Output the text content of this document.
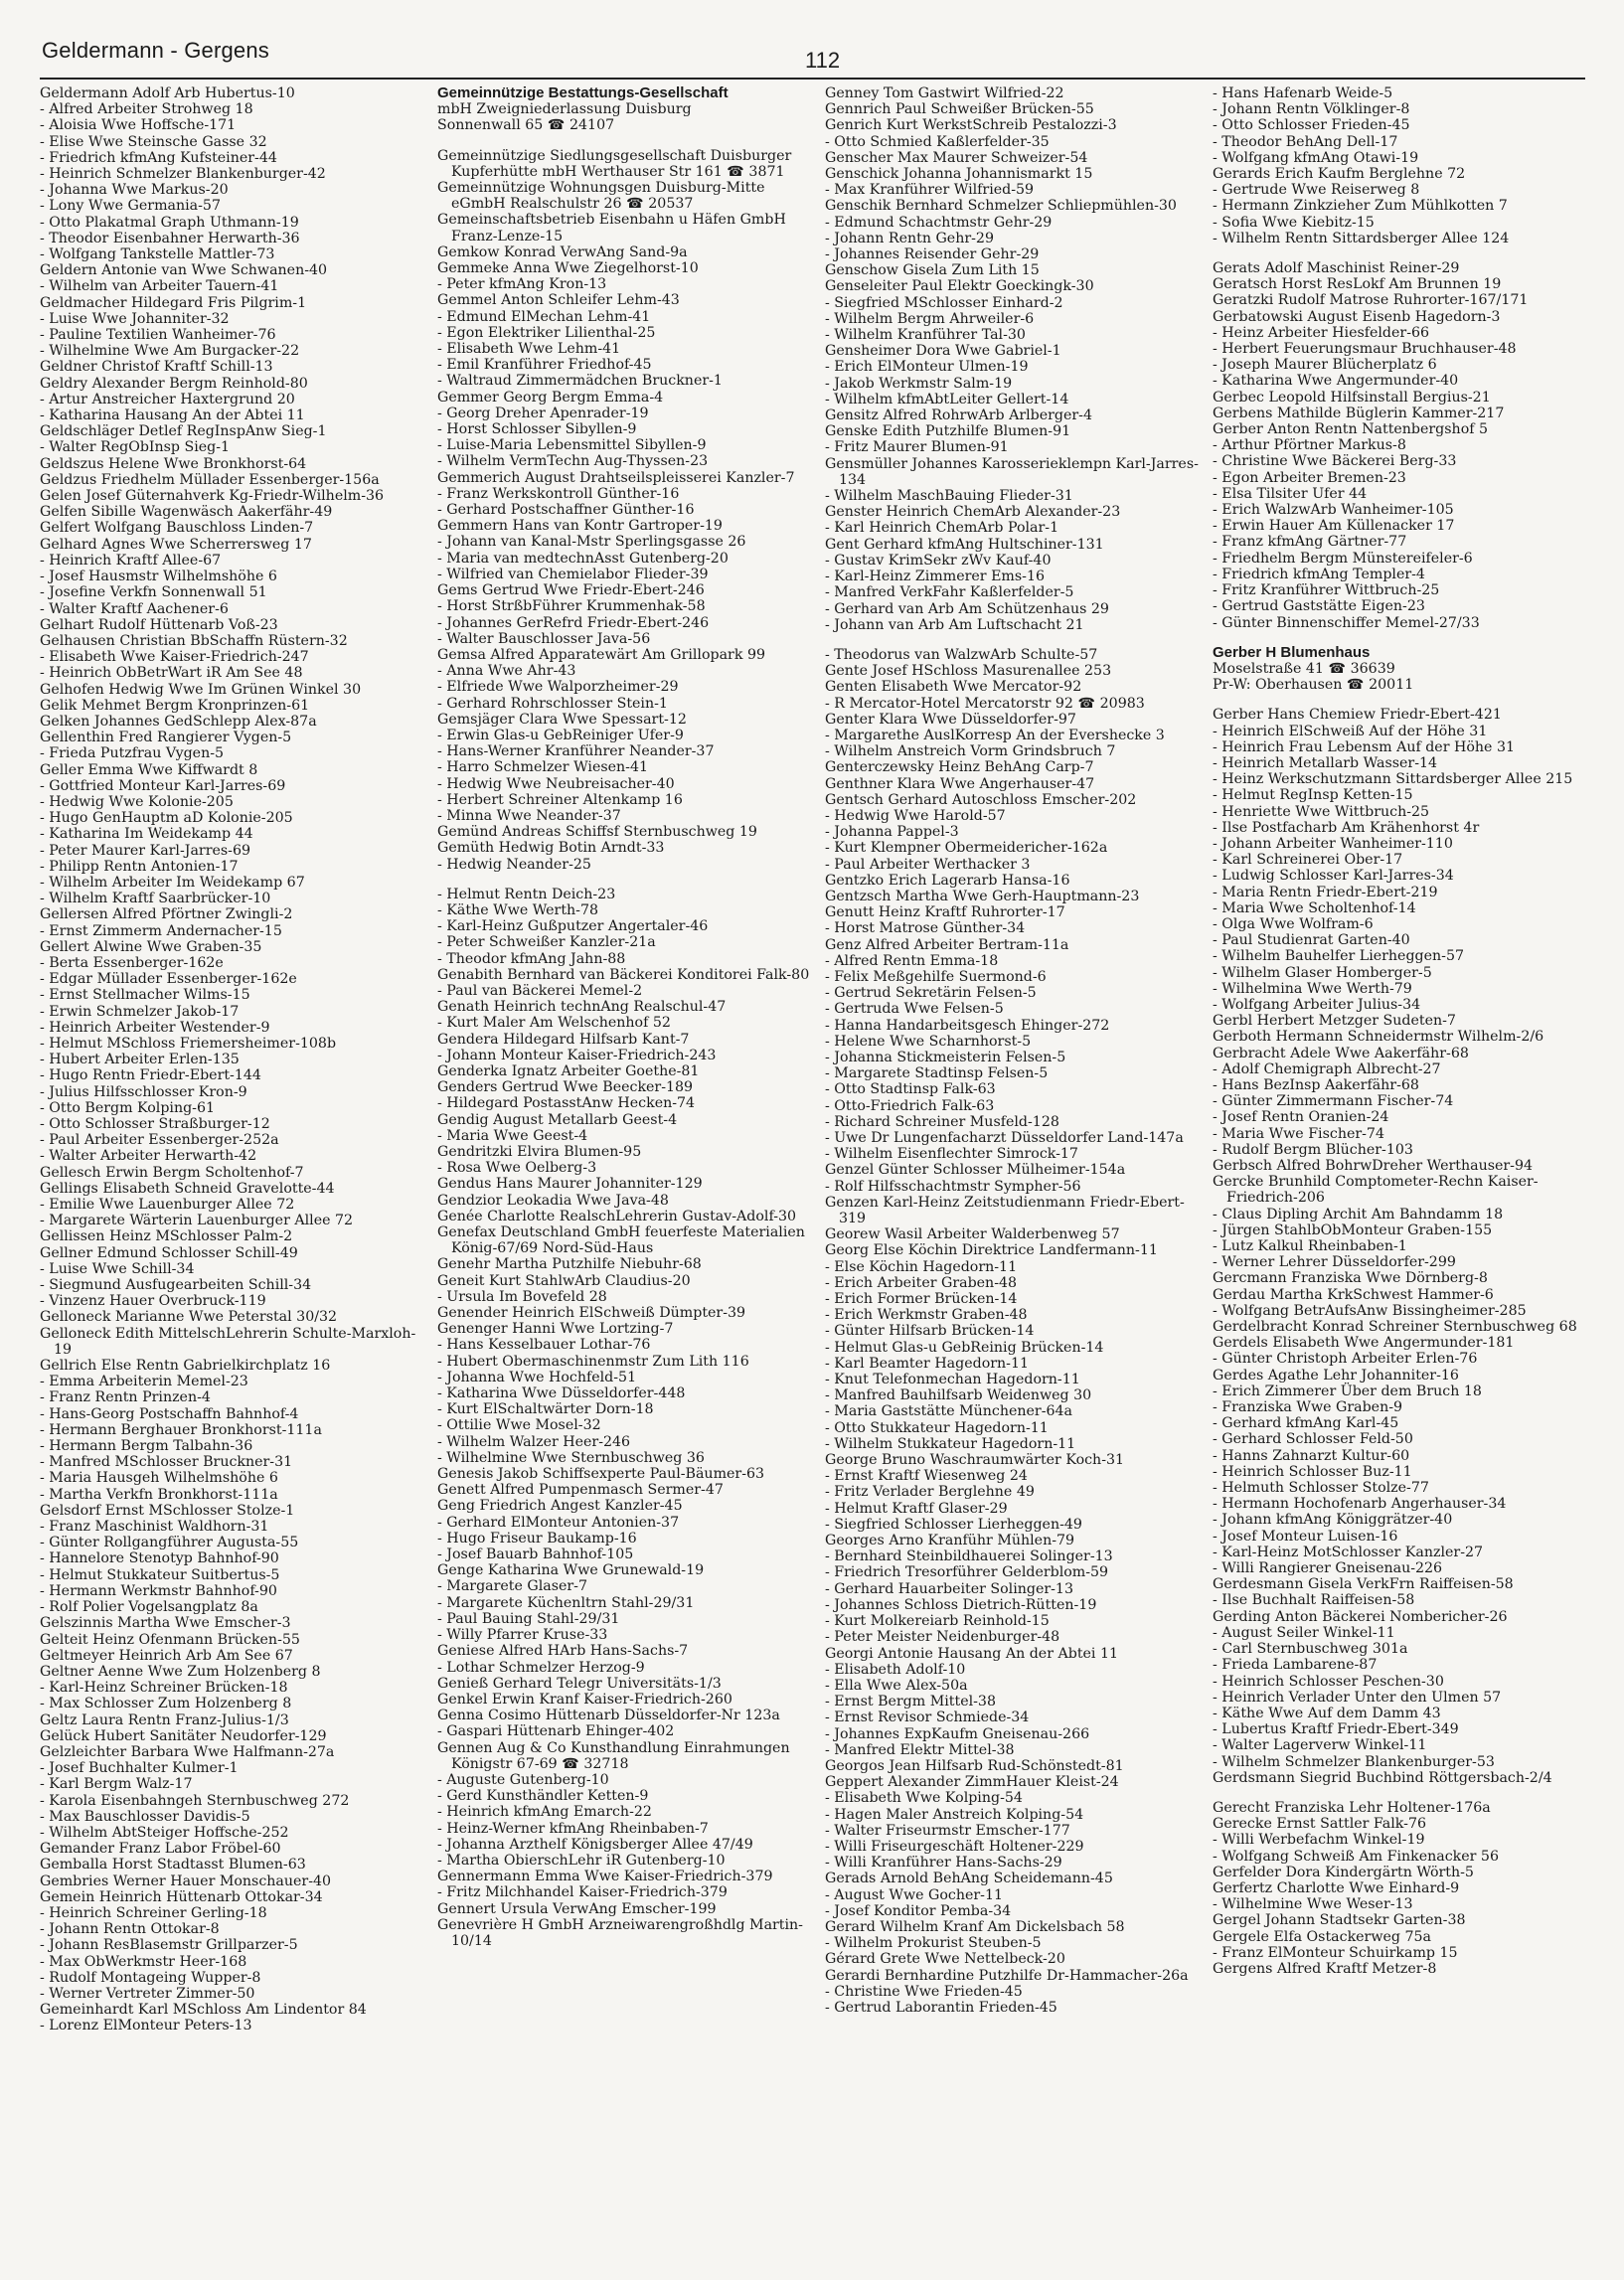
Geldermann - Gergens	112
Geldermann Adolf Arb Hubertus-10
- Alfred Arbeiter Strohweg 18
- Aloisia Wwe Hoffsche-171
- Elise Wwe Steinsche Gasse 32
- Friedrich kfmAng Kufsteiner-44
- Heinrich Schmelzer Blankenburger-42
- Johanna Wwe Markus-20
- Lony Wwe Germania-57
- Otto Plakatmal Graph Uthmann-19
- Theodor Eisenbahner Herwarth-36
- Wolfgang Tankstelle Mattler-73
Geldern Antonie van Wwe Schwanen-40
- Wilhelm van Arbeiter Tauern-41
Geldmacher Hildegard Fris Pilgrim-1
- Luise Wwe Johanniter-32
- Pauline Textilien Wanheimer-76
- Wilhelmine Wwe Am Burgacker-22
Geldner Christof Kraftf Schill-13
Geldry Alexander Bergm Reinhold-80
- Artur Anstreicher Haxtergrund 20
- Katharina Hausang An der Abtei 11
Geldschläger Detlef RegInspAnw Sieg-1
- Walter RegObInsp Sieg-1
Geldszus Helene Wwe Bronkhorst-64
Geldzus Friedhelm Müllader Essenberger-156a
Gelen Josef Güternahverk Kg-Friedr-Wilhelm-36
Gelfen Sibille Wagenwäsch Aakerfähr-49
Gelfert Wolfgang Bauschloss Linden-7
Gelhard Agnes Wwe Scherrersweg 17
- Heinrich Kraftf Allee-67
- Josef Hausmstr Wilhelmshöhe 6
- Josefine Verkfn Sonnenwall 51
- Walter Kraftf Aachener-6
Gelhart Rudolf Hüttenarb Voß-23
Gelhausen Christian BbSchaffn Rüstern-32
- Elisabeth Wwe Kaiser-Friedrich-247
- Heinrich ObBetrWart iR Am See 48
Gelhofen Hedwig Wwe Im Grünen Winkel 30
Gelik Mehmet Bergm Kronprinzen-61
Gelken Johannes GedSchlepp Alex-87a
Gellenthin Fred Rangierer Vygen-5
- Frieda Putzfrau Vygen-5
Geller Emma Wwe Kiffwardt 8
- Gottfried Monteur Karl-Jarres-69
- Hedwig Wwe Kolonie-205
- Hugo GenHauptm aD Kolonie-205
- Katharina Im Weidekamp 44
- Peter Maurer Karl-Jarres-69
- Philipp Rentn Antonien-17
- Wilhelm Arbeiter Im Weidekamp 67
- Wilhelm Kraftf Saarbrücker-10
Gellersen Alfred Pförtner Zwingli-2
- Ernst Zimmerm Andernacher-15
Gellert Alwine Wwe Graben-35
- Berta Essenberger-162e
- Edgar Müllader Essenberger-162e
- Ernst Stellmacher Wilms-15
- Erwin Schmelzer Jakob-17
- Heinrich Arbeiter Westender-9
- Helmut MSchloss Friemersheimer-108b
- Hubert Arbeiter Erlen-135
- Hugo Rentn Friedr-Ebert-144
- Julius Hilfsschlosser Kron-9
- Otto Bergm Kolping-61
- Otto Schlosser Straßburger-12
- Paul Arbeiter Essenberger-252a
- Walter Arbeiter Herwarth-42
Gellesch Erwin Bergm Scholtenhof-7
Gellings Elisabeth Schneid Gravelotte-44
- Emilie Wwe Lauenburger Allee 72
- Margarete Wärterin Lauenburger Allee 72
Gellissen Heinz MSchlosser Palm-2
Gellner Edmund Schlosser Schill-49
- Luise Wwe Schill-34
- Siegmund Ausfugearbeiten Schill-34
- Vinzenz Hauer Overbruck-119
Gelloneck Marianne Wwe Peterstal 30/32
Gelloneck Edith MittelschLehrerin Schulte-Marxloh-19
Gellrich Else Rentn Gabrielkirchplatz 16
- Emma Arbeiterin Memel-23
- Franz Rentn Prinzen-4
- Hans-Georg Postschaffn Bahnhof-4
- Hermann Berghauer Bronkhorst-111a
- Hermann Bergm Talbahn-36
- Manfred MSchlosser Bruckner-31
- Maria Hausgeh Wilhelmshöhe 6
- Martha Verkfn Bronkhorst-111a
Gelsdorf Ernst MSchlosser Stolze-1
- Franz Maschinist Waldhorn-31
- Günter Rollgangführer Augusta-55
- Hannelore Stenotyp Bahnhof-90
- Helmut Stukkateur Suitbertus-5
- Hermann Werkmstr Bahnhof-90
- Rolf Polier Vogelsangplatz 8a
Gelszinnis Martha Wwe Emscher-3
Gelteit Heinz Ofenmann Brücken-55
Geltmeyer Heinrich Arb Am See 67
Geltner Aenne Wwe Zum Holzenberg 8
- Karl-Heinz Schreiner Brücken-18
- Max Schlosser Zum Holzenberg 8
Geltz Laura Rentn Franz-Julius-1/3
Gelück Hubert Sanitäter Neudorfer-129
Gelzleichter Barbara Wwe Halfmann-27a
- Josef Buchhalter Kulmer-1
- Karl Bergm Walz-17
- Karola Eisenbahngeh Sternbuschweg 272
- Max Bauschlosser Davidis-5
- Wilhelm AbtSteiger Hoffsche-252
Gemander Franz Labor Fröbel-60
Gemballa Horst Stadtasst Blumen-63
Gembries Werner Hauer Monschauer-40
Gemein Heinrich Hüttenarb Ottokar-34
- Heinrich Schreiner Gerling-18
- Johann Rentn Ottokar-8
- Johann ResBlasemstr Grillparzer-5
- Max ObWerkmstr Heer-168
- Rudolf Montageing Wupper-8
- Werner Vertreter Zimmer-50
Gemeinhardt Karl MSchloss Am Lindentor 84
- Lorenz ElMonteur Peters-13
Gemeinnützige Bestattungs-Gesellschaft
mbH Zweigniederlassung Duisburg
Sonnenwall 65 ☎ 24107
Gemeinnützige Siedlungsgesellschaft Duisburger Kupferhütte mbH Werthauser Str 161 ☎ 3871
Gemeinnützige Wohnungsgen Duisburg-Mitte eGmbH Realschulstr 26 ☎ 20537
Gemeinschaftsbetrieb Eisenbahn u Häfen GmbH Franz-Lenze-15
Gemkow Konrad VerwAng Sand-9a
Gemmeke Anna Wwe Ziegelhorst-10
- Peter kfmAng Kron-13
Gemmel Anton Schleifer Lehm-43
- Edmund ElMechan Lehm-41
- Egon Elektriker Lilienthal-25
- Elisabeth Wwe Lehm-41
- Emil Kranführer Friedhof-45
- Waltraud Zimmermädchen Bruckner-1
Gemmer Georg Bergm Emma-4
- Georg Dreher Apenrader-19
- Horst Schlosser Sibyllen-9
- Luise-Maria Lebensmittel Sibyllen-9
- Wilhelm VermTechn Aug-Thyssen-23
Gemmerich August Drahtseilspleisserei Kanzler-7
- Franz Werkskontroll Günther-16
- Gerhard Postschaffner Günther-16
Gemmern Hans van Kontr Gartroper-19
- Johann van Kanal-Mstr Sperlingsgasse 26
- Maria van medtechnAsst Gutenberg-20
- Wilfried van Chemielabor Flieder-39
Gems Gertrud Wwe Friedr-Ebert-246
- Horst StrßbFührer Krummenhak-58
- Johannes GerRefrd Friedr-Ebert-246
- Walter Bauschlosser Java-56
Gemsa Alfred Apparatewärt Am Grillopark 99
- Anna Wwe Ahr-43
- Elfriede Wwe Walporzheimer-29
- Gerhard Rohrschlosser Stein-1
Gemsjäger Clara Wwe Spessart-12
- Erwin Glas-u GebReiniger Ufer-9
- Hans-Werner Kranführer Neander-37
- Harro Schmelzer Wiesen-41
- Hedwig Wwe Neubreisacher-40
- Herbert Schreiner Altenkamp 16
- Minna Wwe Neander-37
Gemünd Andreas Schiffsf Sternbuschweg 19
Gemüth Hedwig Botin Arndt-33
- Hedwig Neander-25
- Helmut Rentn Deich-23
- Käthe Wwe Werth-78
- Karl-Heinz Gußputzer Angertaler-46
- Peter Schweißer Kanzler-21a
- Theodor kfmAng Jahn-88
Genabith Bernhard van Bäckerei Konditorei Falk-80
- Paul van Bäckerei Memel-2
Genath Heinrich technAng Realschul-47
- Kurt Maler Am Welschenhof 52
Gendera Hildegard Hilfsarb Kant-7
- Johann Monteur Kaiser-Friedrich-243
Genderka Ignatz Arbeiter Goethe-81
Genders Gertrud Wwe Beecker-189
- Hildegard PostasstAnw Hecken-74
Gendig August Metallarb Geest-4
- Maria Wwe Geest-4
Gendritzki Elvira Blumen-95
- Rosa Wwe Oelberg-3
Gendus Hans Maurer Johanniter-129
Gendzior Leokadia Wwe Java-48
Genée Charlotte RealschLehrerin Gustav-Adolf-30
Genefax Deutschland GmbH feuerfeste Materialien König-67/69 Nord-Süd-Haus
Genehr Martha Putzhilfe Niebuhr-68
Geneit Kurt StahlwArb Claudius-20
- Ursula Im Bovefeld 28
Genender Heinrich ElSchweiß Dümpter-39
Genenger Hanni Wwe Lortzing-7
- Hans Kesselbauer Lothar-76
- Hubert Obermaschinenmstr Zum Lith 116
- Johanna Wwe Hochfeld-51
- Katharina Wwe Düsseldorfer-448
- Kurt ElSchaltwärter Dorn-18
- Ottilie Wwe Mosel-32
- Wilhelm Walzer Heer-246
- Wilhelmine Wwe Sternbuschweg 36
Genesis Jakob Schiffsexperte Paul-Bäumer-63
Genett Alfred Pumpenmasch Sermer-47
Geng Friedrich Angest Kanzler-45
- Gerhard ElMonteur Antonien-37
- Hugo Friseur Baukamp-16
- Josef Bauarb Bahnhof-105
Genge Katharina Wwe Grunewald-19
- Margarete Glaser-7
- Margarete Küchenltrn Stahl-29/31
- Paul Bauing Stahl-29/31
- Willy Pfarrer Kruse-33
Geniese Alfred HArb Hans-Sachs-7
- Lothar Schmelzer Herzog-9
Genieß Gerhard Telegr Universitäts-1/3
Genkel Erwin Kranf Kaiser-Friedrich-260
Genna Cosimo Hüttenarb Düsseldorfer-Nr 123a
- Gaspari Hüttenarb Ehinger-402
Gennen Aug & Co Kunsthandlung Einrahmungen Königstr 67-69 ☎ 32718
- Auguste Gutenberg-10
- Gerd Kunsthändler Ketten-9
- Heinrich kfmAng Emarch-22
- Heinz-Werner kfmAng Rheinbaben-7
- Johanna Arzthelf Königsberger Allee 47/49
- Martha ObierschLehr iR Gutenberg-10
Gennermann Emma Wwe Kaiser-Friedrich-379
- Fritz Milchhandel Kaiser-Friedrich-379
Gennert Ursula VerwAng Emscher-199
Genevrière H GmbH Arzneiwarengroßhdlg Martin-10/14
Genney Tom Gastwirt Wilfried-22
Gennrich Paul Schweißer Brücken-55
Genrich Kurt WerkstSchreib Pestalozzi-3
- Otto Schmied Kaßlerfelder-35
Genscher Max Maurer Schweizer-54
Genschick Johanna Johannismarkt 15
- Max Kranführer Wilfried-59
Genschik Bernhard Schmelzer Schliepmühlen-30
- Edmund Schachtmstr Gehr-29
- Johann Rentn Gehr-29
- Johannes Reisender Gehr-29
Genschow Gisela Zum Lith 15
Genseleiter Paul Elektr Goeckingk-30
- Siegfried MSchlosser Einhard-2
- Wilhelm Bergm Ahrweiler-6
- Wilhelm Kranführer Tal-30
Gensheimer Dora Wwe Gabriel-1
- Erich ElMonteur Ulmen-19
- Jakob Werkmstr Salm-19
- Wilhelm kfmAbtLeiter Gellert-14
Gensitz Alfred RohrwArb Arlberger-4
Genske Edith Putzhilfe Blumen-91
- Fritz Maurer Blumen-91
Gensmüller Johannes Karosserieklempn Karl-Jarres-134
- Wilhelm MaschBauing Flieder-31
Genster Heinrich ChemArb Alexander-23
- Karl Heinrich ChemArb Polar-1
Gent Gerhard kfmAng Hultschiner-131
- Gustav KrimSekr zWv Kauf-40
- Karl-Heinz Zimmerer Ems-16
- Manfred VerkFahr Kaßlerfelder-5
- Gerhard van Arb Am Schützenhaus 29
- Johann van Arb Am Luftschacht 21
- Theodorus van WalzwArb Schulte-57
Gente Josef HSchloss Masurenallee 253
Genten Elisabeth Wwe Mercator-92
- R Mercator-Hotel Mercatorstr 92 ☎ 20983
Genter Klara Wwe Düsseldorfer-97
- Margarethe AuslKorresp An der Evershecke 3
- Wilhelm Anstreich Vorm Grindsbruch 7
Genterczewsky Heinz BehAng Carp-7
Genthner Klara Wwe Angerhauser-47
Gentsch Gerhard Autoschloss Emscher-202
- Hedwig Wwe Harold-57
- Johanna Pappel-3
- Kurt Klempner Obermeidericher-162a
- Paul Arbeiter Werthacker 3
Gentzko Erich Lagerarb Hansa-16
Gentzsch Martha Wwe Gerh-Hauptmann-23
Genutt Heinz Kraftf Ruhrorter-17
- Horst Matrose Günther-34
Genz Alfred Arbeiter Bertram-11a
- Alfred Rentn Emma-18
- Felix Meßgehilfe Suermond-6
- Gertrud Sekretärin Felsen-5
- Gertruda Wwe Felsen-5
- Hanna Handarbeitsgesch Ehinger-272
- Helene Wwe Scharnhorst-5
- Johanna Stickmeisterin Felsen-5
- Margarete Stadtinsp Felsen-5
- Otto Stadtinsp Falk-63
- Otto-Friedrich Falk-63
- Richard Schreiner Musfeld-128
- Uwe Dr Lungenfacharzt Düsseldorfer Land-147a
- Wilhelm Eisenflechter Simrock-17
Genzel Günter Schlosser Mülheimer-154a
- Rolf Hilfsschachtmstr Sympher-56
Genzen Karl-Heinz Zeitstudienmann Friedr-Ebert-319
Georew Wasil Arbeiter Walderbenweg 57
Georg Else Köchin Direktrice Landfermann-11
- Else Köchin Hagedorn-11
- Erich Arbeiter Graben-48
- Erich Former Brücken-14
- Erich Werkmstr Graben-48
- Günter Hilfsarb Brücken-14
- Helmut Glas-u GebReinig Brücken-14
- Karl Beamter Hagedorn-11
- Knut Telefonmechan Hagedorn-11
- Manfred Bauhilfsarb Weidenweg 30
- Maria Gaststätte Münchener-64a
- Otto Stukkateur Hagedorn-11
- Wilhelm Stukkateur Hagedorn-11
George Bruno Waschraumwärter Koch-31
- Ernst Kraftf Wiesenweg 24
- Fritz Verlader Berglehne 49
- Helmut Kraftf Glaser-29
- Siegfried Schlosser Lierheggen-49
Georges Arno Kranführ Mühlen-79
- Bernhard Steinbildhauerei Solinger-13
- Friedrich Tresorführer Gelderblom-59
- Gerhard Hauarbeiter Solinger-13
- Johannes Schloss Dietrich-Rütten-19
- Kurt Molkereiarb Reinhold-15
- Peter Meister Neidenburger-48
Georgi Antonie Hausang An der Abtei 11
- Elisabeth Adolf-10
- Ella Wwe Alex-50a
- Ernst Bergm Mittel-38
- Ernst Revisor Schmiede-34
- Johannes ExpKaufm Gneisenau-266
- Manfred Elektr Mittel-38
Georgos Jean Hilfsarb Rud-Schönstedt-81
Geppert Alexander ZimmHauer Kleist-24
- Elisabeth Wwe Kolping-54
- Hagen Maler Anstreich Kolping-54
- Walter Friseurmstr Emscher-177
- Willi Friseurgeschäft Holtener-229
- Willi Kranführer Hans-Sachs-29
Gerads Arnold BehAng Scheidemann-45
- August Wwe Gocher-11
- Josef Konditor Pemba-34
Gerard Wilhelm Kranf Am Dickelsbach 58
- Wilhelm Prokurist Steuben-5
Gérard Grete Wwe Nettelbeck-20
Gerardi Bernhardine Putzhilfe Dr-Hammacher-26a
- Christine Wwe Frieden-45
- Gertrud Laborantin Frieden-45
- Hans Hafenarb Weide-5
- Johann Rentn Völklinger-8
- Otto Schlosser Frieden-45
- Theodor BehAng Dell-17
- Wolfgang kfmAng Otawi-19
Gerards Erich Kaufm Berglehne 72
- Gertrude Wwe Reiserweg 8
- Hermann Zinkzieher Zum Mühlkotten 7
- Sofia Wwe Kiebitz-15
- Wilhelm Rentn Sittardsberger Allee 124
Gerats Adolf Maschinist Reiner-29
Geratsch Horst ResLokf Am Brunnen 19
Geratzki Rudolf Matrose Ruhrorter-167/171
Gerbatowski August Eisenb Hagedorn-3
- Heinz Arbeiter Hiesfelder-66
- Herbert Feuerungsmaur Bruchhauser-48
- Joseph Maurer Blücherplatz 6
- Katharina Wwe Angermunder-40
Gerbec Leopold Hilfsinstall Bergius-21
Gerbens Mathilde Büglerin Kammer-217
Gerber Anton Rentn Nattenbergshof 5
- Arthur Pförtner Markus-8
- Christine Wwe Bäckerei Berg-33
- Egon Arbeiter Bremen-23
- Elsa Tilsiter Ufer 44
- Erich WalzwArb Wanheimer-105
- Erwin Hauer Am Küllenacker 17
- Franz kfmAng Gärtner-77
- Friedhelm Bergm Münstereifeler-6
- Friedrich kfmAng Templer-4
- Fritz Kranführer Wittbruch-25
- Gertrud Gaststätte Eigen-23
- Günter Binnenschiffer Memel-27/33
Gerber H Blumenhaus
Moselstraße 41 ☎ 36639
Pr-W: Oberhausen ☎ 20011
Gerber Hans Chemiew Friedr-Ebert-421
- Heinrich ElSchweiß Auf der Höhe 31
- Heinrich Frau Lebensm Auf der Höhe 31
- Heinrich Metallarb Wasser-14
- Heinz Werkschutzmann Sittardsberger Allee 215
- Helmut RegInsp Ketten-15
- Henriette Wwe Wittbruch-25
- Ilse Postfacharb Am Krähenhorst 4r
- Johann Arbeiter Wanheimer-110
- Karl Schreinerei Ober-17
- Ludwig Schlosser Karl-Jarres-34
- Maria Rentn Friedr-Ebert-219
- Maria Wwe Scholtenhof-14
- Olga Wwe Wolfram-6
- Paul Studienrat Garten-40
- Wilhelm Bauhelfer Lierheggen-57
- Wilhelm Glaser Homberger-5
- Wilhelmina Wwe Werth-79
- Wolfgang Arbeiter Julius-34
Gerbl Herbert Metzger Sudeten-7
Gerboth Hermann Schneidermstr Wilhelm-2/6
Gerbracht Adele Wwe Aakerfähr-68
- Adolf Chemigraph Albrecht-27
- Hans BezInsp Aakerfähr-68
- Günter Zimmermann Fischer-74
- Josef Rentn Oranien-24
- Maria Wwe Fischer-74
- Rudolf Bergm Blücher-103
Gerbsch Alfred BohrwDreher Werthauser-94
Gercke Brunhild Comptometer-Rechn Kaiser-Friedrich-206
- Claus Dipling Archit Am Bahndamm 18
- Jürgen StahlbObMonteur Graben-155
- Lutz Kalkul Rheinbaben-1
- Werner Lehrer Düsseldorfer-299
Gercmann Franziska Wwe Dörnberg-8
Gerdau Martha KrkSchwest Hammer-6
- Wolfgang BetrAufsAnw Bissingheimer-285
Gerdelbracht Konrad Schreiner Sternbuschweg 68
Gerdels Elisabeth Wwe Angermunder-181
- Günter Christoph Arbeiter Erlen-76
Gerdes Agathe Lehr Johanniter-16
- Erich Zimmerer Über dem Bruch 18
- Franziska Wwe Graben-9
- Gerhard kfmAng Karl-45
- Gerhard Schlosser Feld-50
- Hanns Zahnarzt Kultur-60
- Heinrich Schlosser Buz-11
- Helmuth Schlosser Stolze-77
- Hermann Hochofenarb Angerhauser-34
- Johann kfmAng Königgrätzer-40
- Josef Monteur Luisen-16
- Karl-Heinz MotSchlosser Kanzler-27
- Willi Rangierer Gneisenau-226
Gerdesmann Gisela VerkFrn Raiffeisen-58
- Ilse Buchhalt Raiffeisen-58
Gerding Anton Bäckerei Nombericher-26
- August Seiler Winkel-11
- Carl Sternbuschweg 301a
- Frieda Lambarene-87
- Heinrich Schlosser Peschen-30
- Heinrich Verlader Unter den Ulmen 57
- Käthe Wwe Auf dem Damm 43
- Lubertus Kraftf Friedr-Ebert-349
- Walter Lagerverw Winkel-11
- Wilhelm Schmelzer Blankenburger-53
Gerdsmann Siegrid Buchbind Röttgersbach-2/4
Gerecht Franziska Lehr Holtener-176a
Gerecke Ernst Sattler Falk-76
- Willi Werbefachm Winkel-19
- Wolfgang Schweiß Am Finkenacker 56
Gerfelder Dora Kindergärtn Wörth-5
Gerfertz Charlotte Wwe Einhard-9
- Wilhelmine Wwe Weser-13
Gergel Johann Stadtsekr Garten-38
Gergele Elfa Ostackerweg 75a
- Franz ElMonteur Schuirkamp 15
Gergens Alfred Kraftf Metzer-8
